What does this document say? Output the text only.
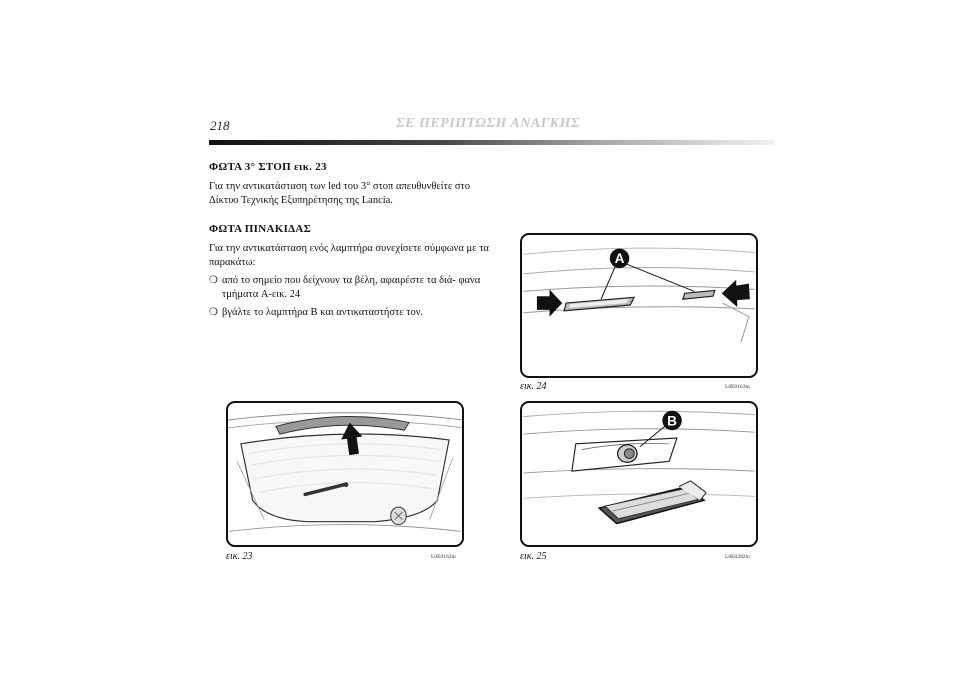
218	ΣΕ ΠΕΡΙΠΤΩΣΗ ΑΝΑΓΚΗΣ
ΦΩΤΑ 3° ΣΤΟΠ εικ. 23

Για την αντικατάσταση των led του 3° στοπ απευθυνθείτε στο Δίκτυο Τεχνικής Εξυπηρέτησης της Lancia.

ΦΩΤΑ ΠΙΝΑΚΙΔΑΣ

Για την αντικατάσταση ενός λαμπτήρα συνεχίσετε σύμφωνα με τα παρακάτω:

❍ από το σημείο που δείχνουν τα βέλη, αφαιρέστε τα διά- φανα τμήματα A-εικ. 24
❍ βγάλτε το λαμπτήρα B και αντικαταστήστε τον.
εικ. 23	L0E0162m
A
εικ. 24	L0E0163m
B
εικ. 25	L0E0282m
